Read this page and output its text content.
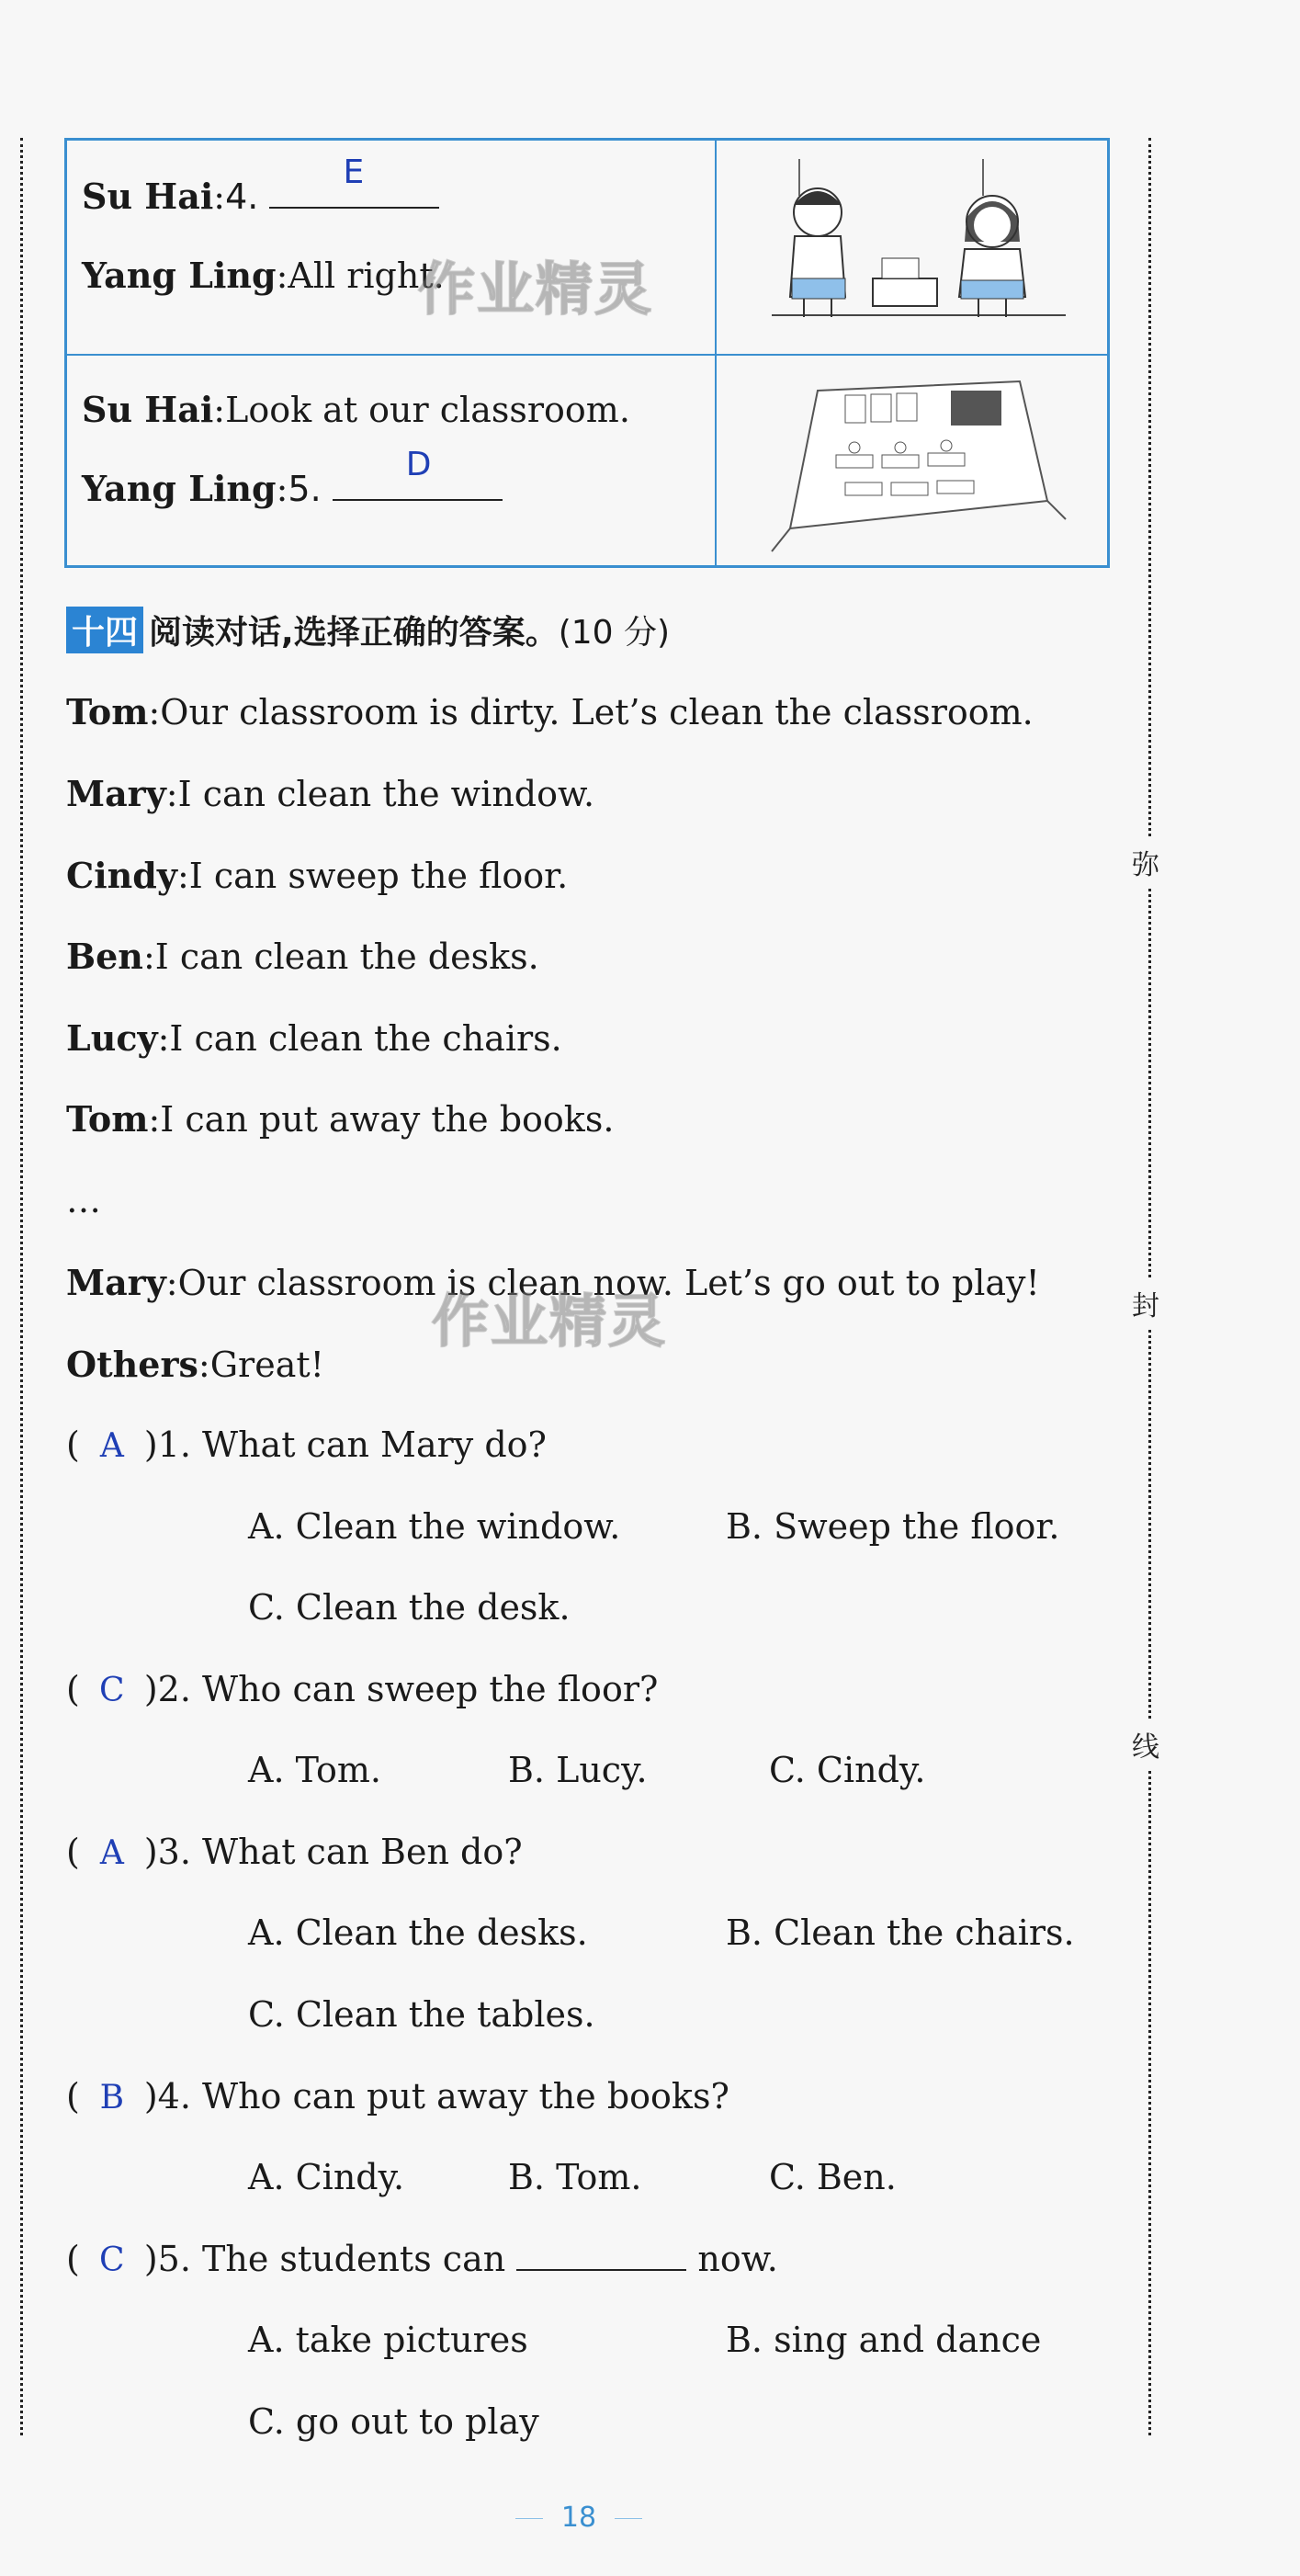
弥
封
线
Su Hai:4.
E
Yang Ling:All right.
Su Hai:Look at our classroom.
Yang Ling:5.
D
作业精灵
十四 阅读对话,选择正确的答案。(10 分)
Tom:Our classroom is dirty. Let’s clean the classroom.
Mary:I can clean the window.
Cindy:I can sweep the floor.
Ben:I can clean the desks.
Lucy:I can clean the chairs.
Tom:I can put away the books.
…
Mary:Our classroom is clean now. Let’s go out to play!
Others:Great!
作业精灵
( A )1. What can Mary do?
A. Clean the window.	B. Sweep the floor.
C. Clean the desk.
( C )2. Who can sweep the floor?
A. Tom.	B. Lucy.	C. Cindy.
( A )3. What can Ben do?
A. Clean the desks.	B. Clean the chairs.
C. Clean the tables.
( B )4. Who can put away the books?
A. Cindy.	B. Tom.	C. Ben.
( C )5. The students can	now.
A. take pictures	B. sing and dance
C. go out to play
18
